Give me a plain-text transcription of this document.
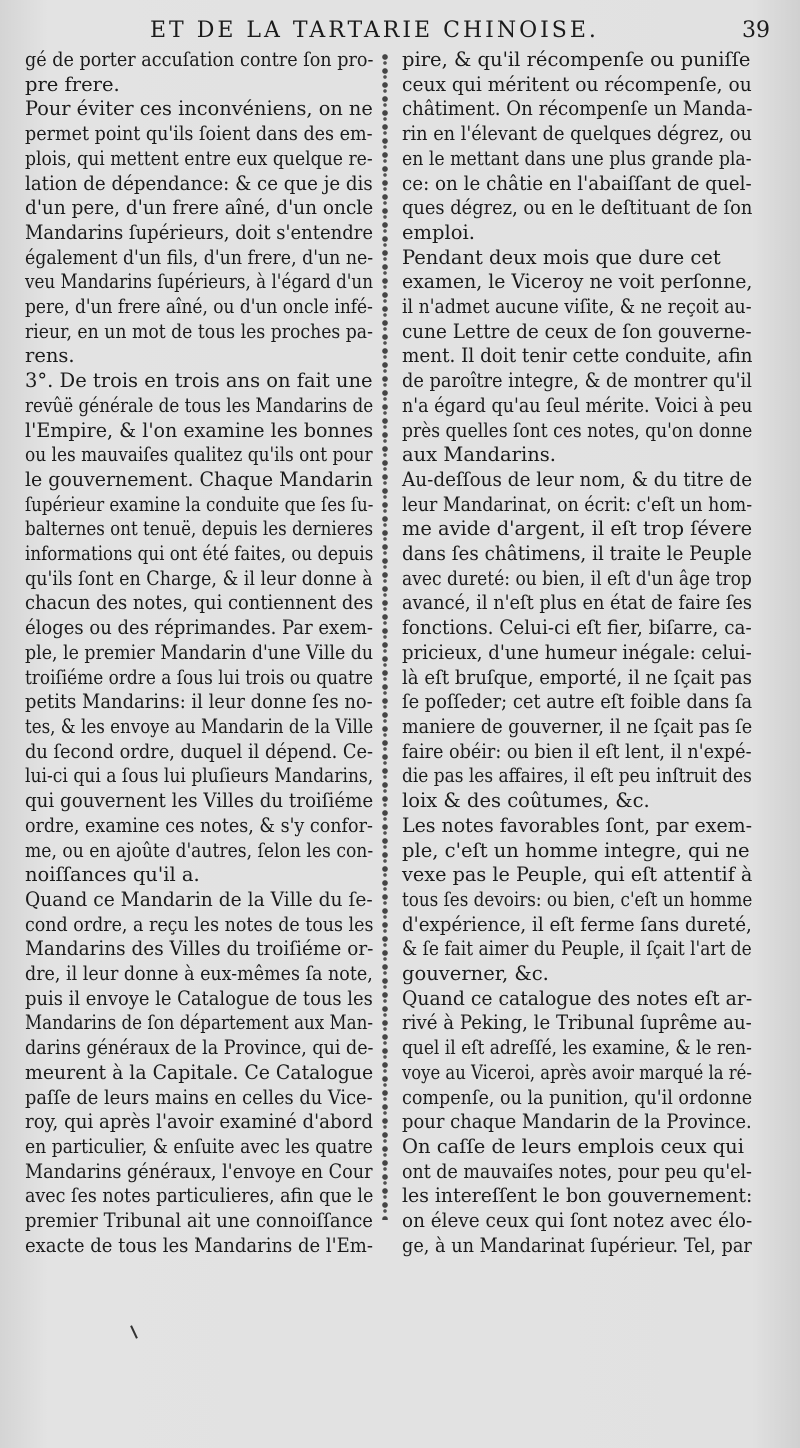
ET DE LA TARTARIE CHINOISE.	39
gé de porter accuſation contre ſon pro-
pre frere.
Pour éviter ces inconvéniens, on ne
permet point qu'ils ſoient dans des em-
plois, qui mettent entre eux quelque re-
lation de dépendance: & ce que je dis
d'un pere, d'un frere aîné, d'un oncle
Mandarins ſupérieurs, doit s'entendre
également d'un fils, d'un frere, d'un ne-
veu Mandarins ſupérieurs, à l'égard d'un
pere, d'un frere aîné, ou d'un oncle infé-
rieur, en un mot de tous les proches pa-
rens.
3°. De trois en trois ans on fait une
revûë générale de tous les Mandarins de
l'Empire, & l'on examine les bonnes
ou les mauvaiſes qualitez qu'ils ont pour
le gouvernement. Chaque Mandarin
ſupérieur examine la conduite que ſes ſu-
balternes ont tenuë, depuis les dernieres
informations qui ont été faites, ou depuis
qu'ils ſont en Charge, & il leur donne à
chacun des notes, qui contiennent des
éloges ou des réprimandes. Par exem-
ple, le premier Mandarin d'une Ville du
troiſiéme ordre a ſous lui trois ou quatre
petits Mandarins: il leur donne ſes no-
tes, & les envoye au Mandarin de la Ville
du ſecond ordre, duquel il dépend. Ce-
lui-ci qui a ſous lui pluſieurs Mandarins,
qui gouvernent les Villes du troiſiéme
ordre, examine ces notes, & s'y confor-
me, ou en ajoûte d'autres, ſelon les con-
noiſſances qu'il a.
Quand ce Mandarin de la Ville du ſe-
cond ordre, a reçu les notes de tous les
Mandarins des Villes du troiſiéme or-
dre, il leur donne à eux-mêmes ſa note,
puis il envoye le Catalogue de tous les
Mandarins de ſon département aux Man-
darins généraux de la Province, qui de-
meurent à la Capitale. Ce Catalogue
paſſe de leurs mains en celles du Vice-
roy, qui après l'avoir examiné d'abord
en particulier, & enſuite avec les quatre
Mandarins généraux, l'envoye en Cour
avec ſes notes particulieres, afin que le
premier Tribunal ait une connoiſſance
exacte de tous les Mandarins de l'Em-
pire, & qu'il récompenſe ou puniſſe
ceux qui méritent ou récompenſe, ou
châtiment. On récompenſe un Manda-
rin en l'élevant de quelques dégrez, ou
en le mettant dans une plus grande pla-
ce: on le châtie en l'abaiſſant de quel-
ques dégrez, ou en le deſtituant de ſon
emploi.
Pendant deux mois que dure cet
examen, le Viceroy ne voit perſonne,
il n'admet aucune viſite, & ne reçoit au-
cune Lettre de ceux de ſon gouverne-
ment. Il doit tenir cette conduite, afin
de paroître integre, & de montrer qu'il
n'a égard qu'au ſeul mérite. Voici à peu
près quelles ſont ces notes, qu'on donne
aux Mandarins.
Au-deſſous de leur nom, & du titre de
leur Mandarinat, on écrit: c'eſt un hom-
me avide d'argent, il eſt trop ſévere
dans ſes châtimens, il traite le Peuple
avec dureté: ou bien, il eſt d'un âge trop
avancé, il n'eſt plus en état de faire ſes
fonctions. Celui-ci eſt fier, biſarre, ca-
pricieux, d'une humeur inégale: celui-
là eſt bruſque, emporté, il ne ſçait pas
ſe poſſeder; cet autre eſt foible dans ſa
maniere de gouverner, il ne ſçait pas ſe
faire obéir: ou bien il eſt lent, il n'expé-
die pas les affaires, il eſt peu inſtruit des
loix & des coûtumes, &c.
Les notes favorables ſont, par exem-
ple, c'eſt un homme integre, qui ne
vexe pas le Peuple, qui eſt attentif à
tous ſes devoirs: ou bien, c'eſt un homme
d'expérience, il eſt ferme ſans dureté,
& ſe fait aimer du Peuple, il ſçait l'art de
gouverner, &c.
Quand ce catalogue des notes eſt ar-
rivé à Peking, le Tribunal ſuprême au-
quel il eſt adreſſé, les examine, & le ren-
voye au Viceroi, après avoir marqué la ré-
compenſe, ou la punition, qu'il ordonne
pour chaque Mandarin de la Province.
On caſſe de leurs emplois ceux qui
ont de mauvaiſes notes, pour peu qu'el-
les intereſſent le bon gouvernement:
on éleve ceux qui ſont notez avec élo-
ge, à un Mandarinat ſupérieur. Tel, par
